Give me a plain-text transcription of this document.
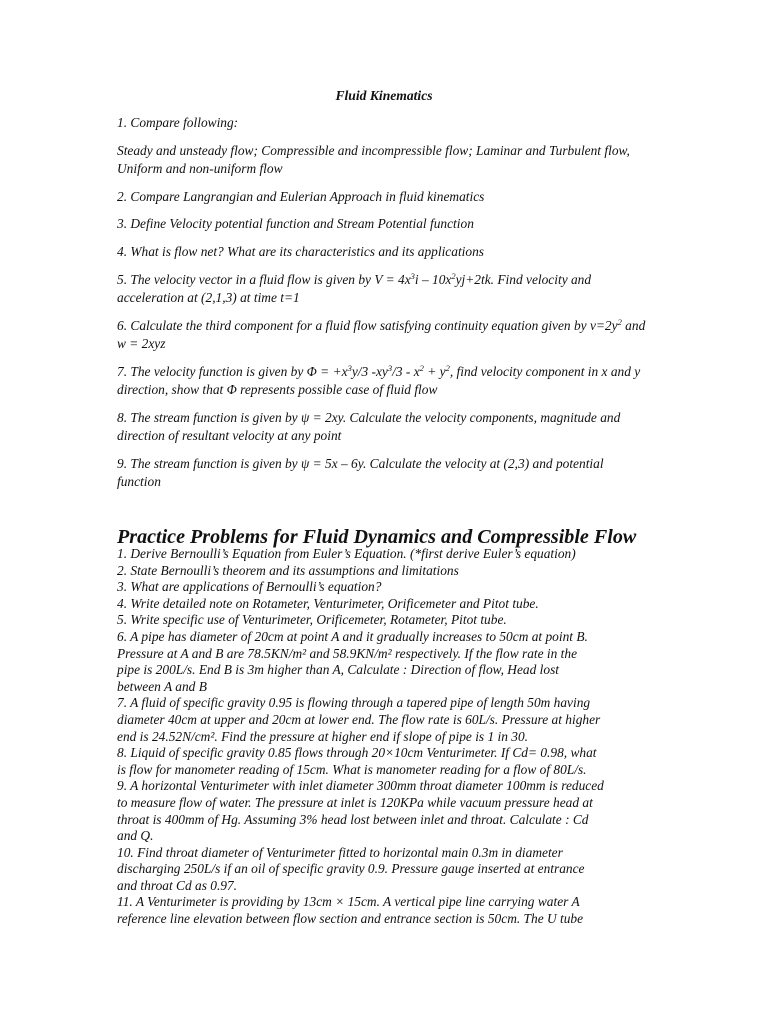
Fluid Kinematics

1. Compare following:

Steady and unsteady flow; Compressible and incompressible flow; Laminar and Turbulent flow, Uniform and non-uniform flow

2. Compare Langrangian and Eulerian Approach in fluid kinematics

3. Define Velocity potential function and Stream Potential function

4. What is flow net? What are its characteristics and its applications

5. The velocity vector in a fluid flow is given by $V = 4x^3i - 10x^2yj+2tk$. Find velocity and acceleration at (2,1,3) at time t=1

6. Calculate the third component for a fluid flow satisfying continuity equation given by $v=2y^2$ and w = 2xyz

7. The velocity function is given by $\Phi = +x^3y/3$ $-xy^3/3 - x^2 + y^2$, find velocity component in x and y direction, show that Φ represents possible case of fluid flow

8. The stream function is given by ψ = 2xy. Calculate the velocity components, magnitude and direction of resultant velocity at any point

9. The stream function is given by ψ = 5x – 6y. Calculate the velocity at (2,3) and potential function

Practice Problems for Fluid Dynamics and Compressible Flow
1. Derive Bernoulli’s Equation from Euler’s Equation. (*first derive Euler’s equation)
2. State Bernoulli’s theorem and its assumptions and limitations
3. What are applications of Bernoulli’s equation?
4. Write detailed note on Rotameter, Venturimeter, Orificemeter and Pitot tube.
5. Write specific use of Venturimeter, Orificemeter, Rotameter, Pitot tube.
6. A pipe has diameter of 20cm at point A and it gradually increases to 50cm at point B.
Pressure at A and B are 78.5KN/m² and 58.9KN/m² respectively. If the flow rate in the
pipe is 200L/s. End B is 3m higher than A, Calculate : Direction of flow, Head lost
between A and B
7. A fluid of specific gravity 0.95 is flowing through a tapered pipe of length 50m having
diameter 40cm at upper and 20cm at lower end. The flow rate is 60L/s. Pressure at higher
end is 24.52N/cm². Find the pressure at higher end if slope of pipe is 1 in 30.
8. Liquid of specific gravity 0.85 flows through 20×10cm Venturimeter. If Cd= 0.98, what
is flow for manometer reading of 15cm. What is manometer reading for a flow of 80L/s.
9. A horizontal Venturimeter with inlet diameter 300mm throat diameter 100mm is reduced
to measure flow of water. The pressure at inlet is 120KPa while vacuum pressure head at
throat is 400mm of Hg. Assuming 3% head lost between inlet and throat. Calculate : Cd
and Q.
10. Find throat diameter of Venturimeter fitted to horizontal main 0.3m in diameter
discharging 250L/s if an oil of specific gravity 0.9. Pressure gauge inserted at entrance
and throat Cd as 0.97.
11. A Venturimeter is providing by 13cm × 15cm. A vertical pipe line carrying water A
reference line elevation between flow section and entrance section is 50cm. The U tube
